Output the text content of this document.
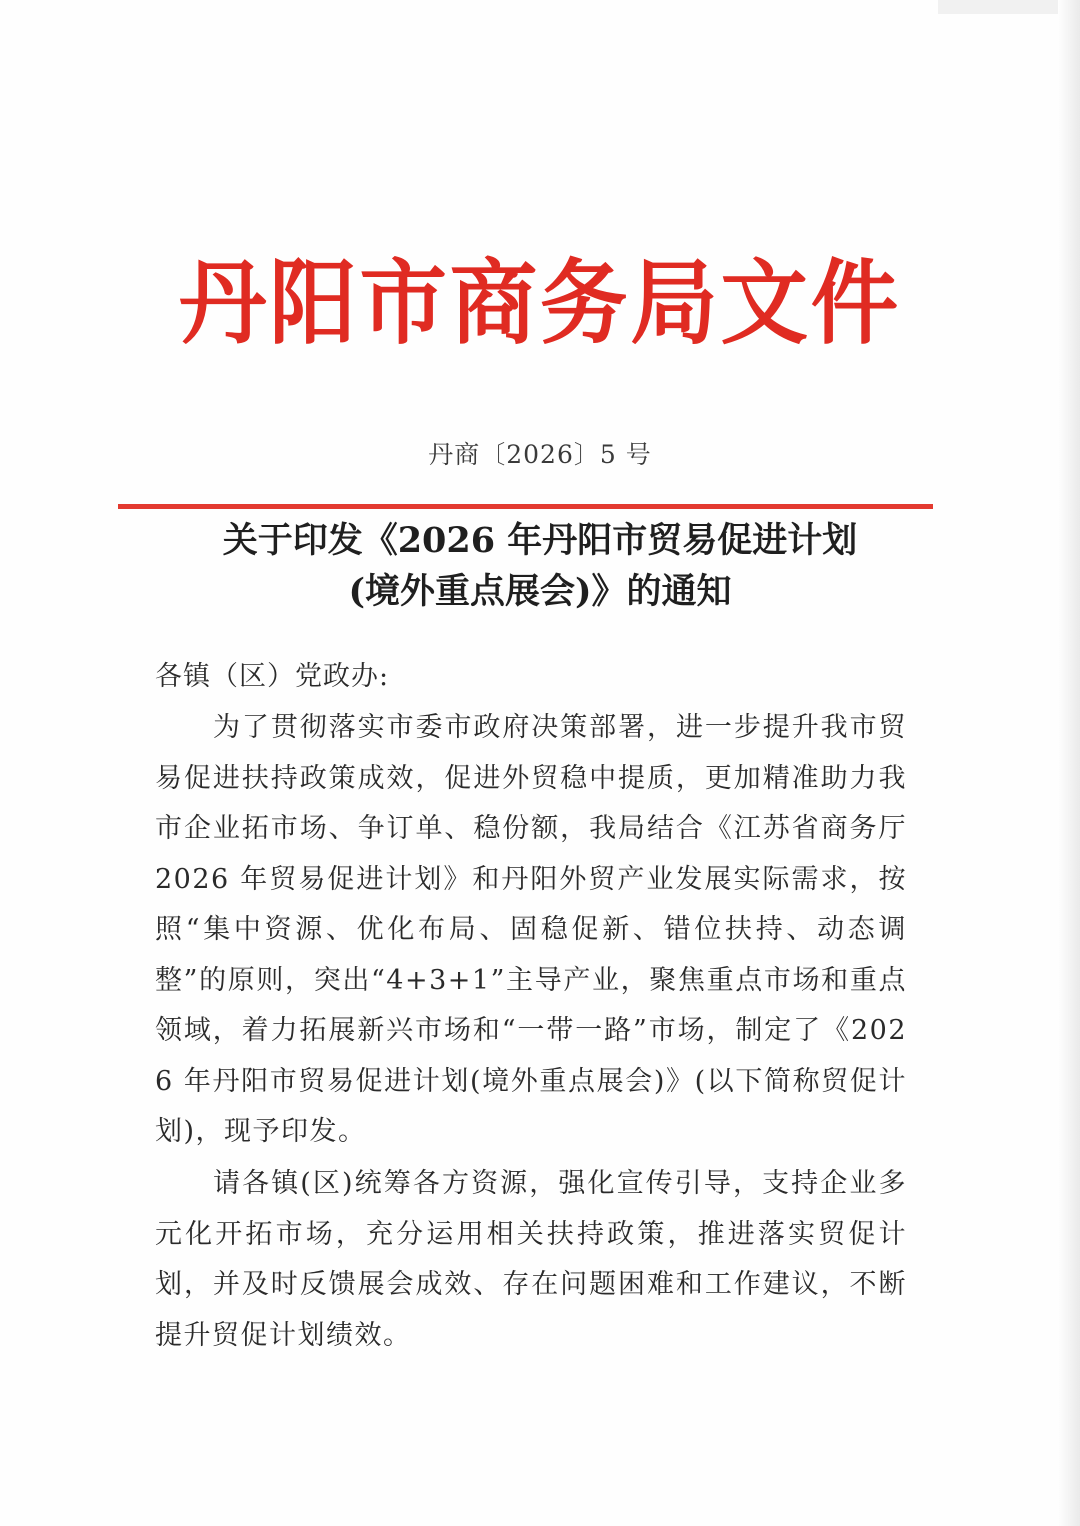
丹阳市商务局文件
丹商〔2026〕5 号
关于印发《2026 年丹阳市贸易促进计划
(境外重点展会)》的通知
各镇（区）党政办:
为了贯彻落实市委市政府决策部署，进一步提升我市贸易促进扶持政策成效，促进外贸稳中提质，更加精准助力我市企业拓市场、争订单、稳份额，我局结合《江苏省商务厅2026 年贸易促进计划》和丹阳外贸产业发展实际需求，按照“集中资源、优化布局、固稳促新、错位扶持、动态调整”的原则，突出“4+3+1”主导产业，聚焦重点市场和重点领域，着力拓展新兴市场和“一带一路”市场，制定了《2026 年丹阳市贸易促进计划(境外重点展会)》(以下简称贸促计划)，现予印发。
请各镇(区)统筹各方资源，强化宣传引导，支持企业多元化开拓市场，充分运用相关扶持政策，推进落实贸促计划，并及时反馈展会成效、存在问题困难和工作建议，不断提升贸促计划绩效。
